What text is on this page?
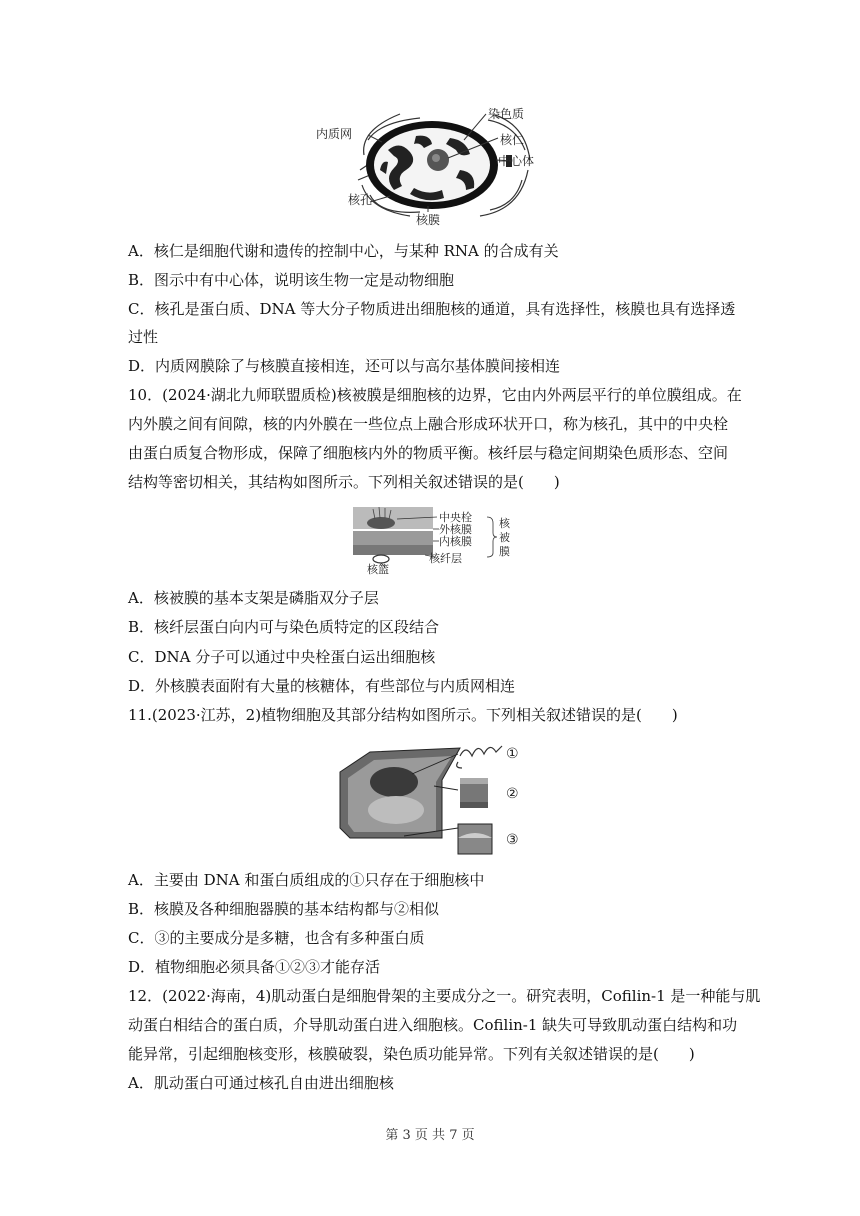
染色质
核仁
中心体
内质网
核孔
核膜
A．核仁是细胞代谢和遗传的控制中心，与某种 RNA 的合成有关
B．图示中有中心体，说明该生物一定是动物细胞
C．核孔是蛋白质、DNA 等大分子物质进出细胞核的通道，具有选择性，核膜也具有选择透
过性
D．内质网膜除了与核膜直接相连，还可以与高尔基体膜间接相连
10．(2024·湖北九师联盟质检)核被膜是细胞核的边界，它由内外两层平行的单位膜组成。在
内外膜之间有间隙，核的内外膜在一些位点上融合形成环状开口，称为核孔，其中的中央栓
由蛋白质复合物形成，保障了细胞核内外的物质平衡。核纤层与稳定间期染色质形态、空间
结构等密切相关，其结构如图所示。下列相关叙述错误的是(　　)
中央栓
外核膜
内核膜
核纤层
核篮
核
被
膜
A．核被膜的基本支架是磷脂双分子层
B．核纤层蛋白向内可与染色质特定的区段结合
C．DNA 分子可以通过中央栓蛋白运出细胞核
D．外核膜表面附有大量的核糖体，有些部位与内质网相连
11.(2023·江苏，2)植物细胞及其部分结构如图所示。下列相关叙述错误的是(　　)
①
②
③
A．主要由 DNA 和蛋白质组成的①只存在于细胞核中
B．核膜及各种细胞器膜的基本结构都与②相似
C．③的主要成分是多糖，也含有多种蛋白质
D．植物细胞必须具备①②③才能存活
12．(2022·海南，4)肌动蛋白是细胞骨架的主要成分之一。研究表明，Cofilin-1 是一种能与肌
动蛋白相结合的蛋白质，介导肌动蛋白进入细胞核。Cofilin-1 缺失可导致肌动蛋白结构和功
能异常，引起细胞核变形，核膜破裂，染色质功能异常。下列有关叙述错误的是(　　)
A．肌动蛋白可通过核孔自由进出细胞核
第 3 页 共 7 页
